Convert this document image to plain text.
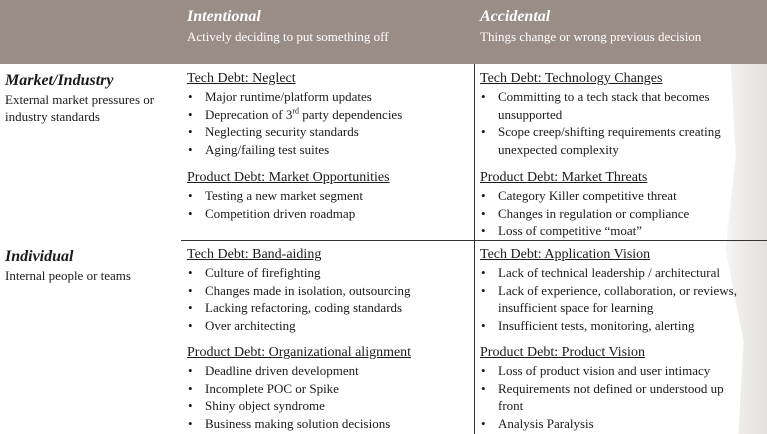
Intentional
Actively deciding to put something off
Accidental
Things change or wrong previous decision
Market/Industry
External market pressures or industry standards
Individual
Internal people or teams
Tech Debt: Neglect
• Major runtime/platform updates
• Deprecation of 3rd party dependencies
• Neglecting security standards
• Aging/failing test suites
Product Debt: Market Opportunities
• Testing a new market segment
• Competition driven roadmap
Tech Debt: Technology Changes
• Committing to a tech stack that becomes unsupported
• Scope creep/shifting requirements creating unexpected complexity
Product Debt: Market Threats
• Category Killer competitive threat
• Changes in regulation or compliance
• Loss of competitive “moat”
Tech Debt: Band-aiding
• Culture of firefighting
• Changes made in isolation, outsourcing
• Lacking refactoring, coding standards
• Over architecting
Product Debt: Organizational alignment
• Deadline driven development
• Incomplete POC or Spike
• Shiny object syndrome
• Business making solution decisions
Tech Debt: Application Vision
• Lack of technical leadership / architectural
• Lack of experience, collaboration, or reviews, insufficient space for learning
• Insufficient tests, monitoring, alerting
Product Debt: Product Vision
• Loss of product vision and user intimacy
• Requirements not defined or understood up front
• Analysis Paralysis
